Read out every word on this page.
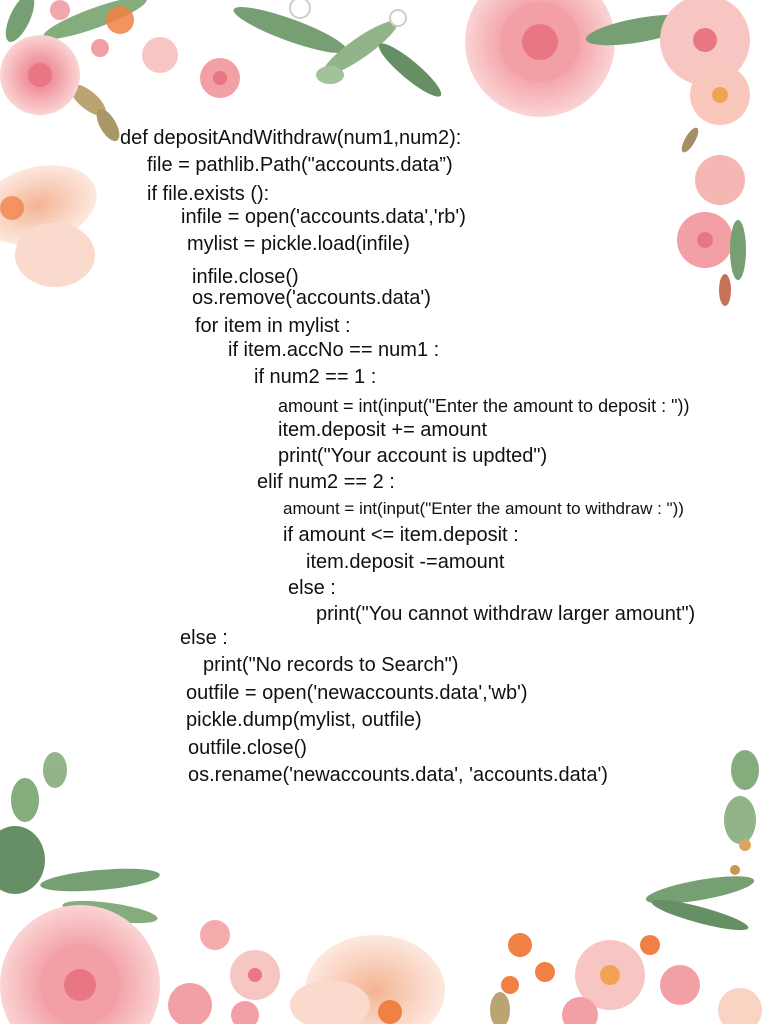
def depositAndWithdraw(num1,num2):
file = pathlib.Path("accounts.data”)
if file.exists ():
infile = open('accounts.data','rb')
mylist = pickle.load(infile)
infile.close()
os.remove('accounts.data')
for item in mylist :
if item.accNo == num1 :
if num2 == 1 :
amount = int(input("Enter the amount to deposit : "))
item.deposit += amount
print("Your account is updted")
elif num2 == 2 :
amount = int(input("Enter the amount to withdraw : "))
if amount <= item.deposit :
item.deposit -=amount
else :
print("You cannot withdraw larger amount")
else :
print("No records to Search")
outfile = open('newaccounts.data','wb')
pickle.dump(mylist, outfile)
outfile.close()
os.rename('newaccounts.data', 'accounts.data')
